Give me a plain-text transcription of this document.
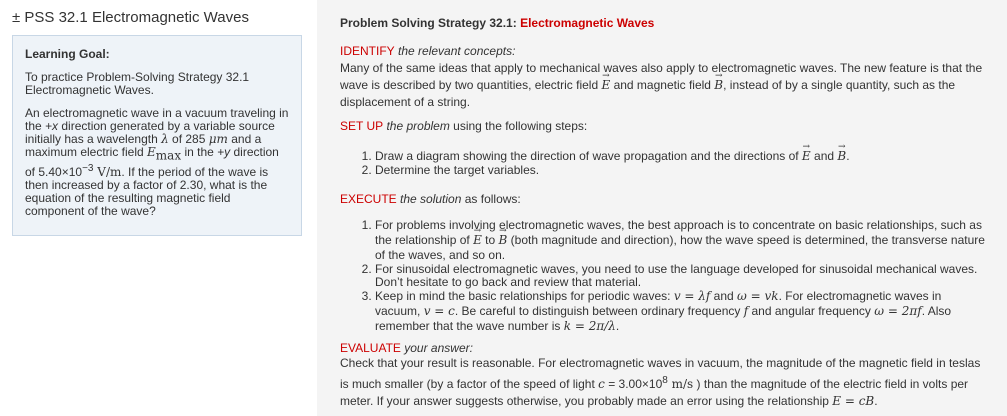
± PSS 32.1 Electromagnetic Waves
Learning Goal:

To practice Problem-Solving Strategy 32.1 Electromagnetic Waves.

An electromagnetic wave in a vacuum traveling in the +x direction generated by a variable source initially has a wavelength λ of 285 μm and a maximum electric field $E_{max}$ in the +y direction of $5.40\times 10^{-3}$ V/m. If the period of the wave is then increased by a factor of 2.30, what is the equation of the resulting magnetic field component of the wave?

Problem Solving Strategy 32.1: Electromagnetic Waves
IDENTIFY the relevant concepts:
Many of the same ideas that apply to mechanical waves also apply to electromagnetic waves. The new feature is that the wave is described by two quantities, electric field → E and magnetic field → B, instead of by a single quantity, such as the displacement of a string.
SET UP the problem using the following steps:
1. Draw a diagram showing the direction of wave propagation and the directions of → E and → B.
2. Determine the target variables.
EXECUTE the solution as follows:
1. For problems involving electromagnetic waves, the best approach is to concentrate on basic relationships, such as the relationship of → E to → B (both magnitude and direction), how the wave speed is determined, the transverse nature of the waves, and so on.
2. For sinusoidal electromagnetic waves, you need to use the language developed for sinusoidal mechanical waves. Don’t hesitate to go back and review that material.
3. Keep in mind the basic relationships for periodic waves: v = λf and ω = vk. For electromagnetic waves in vacuum, v = c. Be careful to distinguish between ordinary frequency f and angular frequency ω = 2πf. Also remember that the wave number is k = 2π/λ.
EVALUATE your answer:
Check that your result is reasonable. For electromagnetic waves in vacuum, the magnitude of the magnetic field in teslas is much smaller (by a factor of the speed of light $c = 3.00\times 10^8$ m/s ) than the magnitude of the electric field in volts per meter. If your answer suggests otherwise, you probably made an error using the relationship E = cB.
